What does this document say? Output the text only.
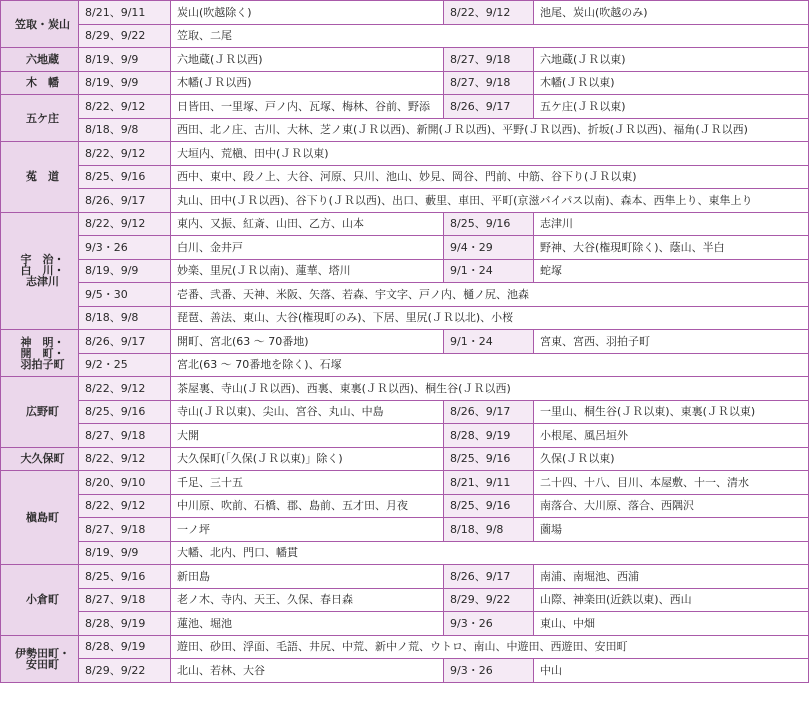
笠取・炭山	8/21、9/11	炭山(吹越除く)	8/22、9/12	池尾、炭山(吹越のみ)
	8/29、9/22	笠取、二尾		
六地蔵	8/19、9/9	六地蔵(ＪＲ以西)	8/27、9/18	六地蔵(ＪＲ以東)
木　幡	8/19、9/9	木幡(ＪＲ以西)	8/27、9/18	木幡(ＪＲ以東)
五ケ庄	8/22、9/12	日皆田、一里塚、戸ノ内、瓦塚、梅林、谷前、野添	8/26、9/17	五ケ庄(ＪＲ以東)
	8/18、9/8	西田、北ノ庄、古川、大林、芝ノ東(ＪＲ以西)、新開(ＪＲ以西)、平野(ＪＲ以西)、折坂(ＪＲ以西)、福角(ＪＲ以西)		
菟　道	8/22、9/12	大垣内、荒槇、田中(ＪＲ以東)		
	8/25、9/16	西中、東中、段ノ上、大谷、河原、只川、池山、妙見、岡谷、門前、中筋、谷下り(ＪＲ以東)		
	8/26、9/17	丸山、田中(ＪＲ以西)、谷下り(ＪＲ以西)、出口、藪里、車田、平町(京滋バイパス以南)、森本、西隼上り、東隼上り		
宇　治・
白　川・
志津川	8/22、9/12	東内、又振、紅斎、山田、乙方、山本	8/25、9/16	志津川
	9/3・26	白川、金井戸	9/4・29	野神、大谷(権現町除く)、蔭山、半白
	8/19、9/9	妙楽、里尻(ＪＲ以南)、蓮華、塔川	9/1・24	蛇塚
	9/5・30	壱番、弐番、天神、米阪、矢落、若森、宇文字、戸ノ内、樋ノ尻、池森		
	8/18、9/8	琵琶、善法、東山、大谷(権現町のみ)、下居、里尻(ＪＲ以北)、小桜		
神　明・
開　町・
羽拍子町	8/26、9/17	開町、宮北(63 ～ 70番地)	9/1・24	宮東、宮西、羽拍子町
	9/2・25	宮北(63 ～ 70番地を除く)、石塚		
広野町	8/22、9/12	茶屋裏、寺山(ＪＲ以西)、西裏、東裏(ＪＲ以西)、桐生谷(ＪＲ以西)		
	8/25、9/16	寺山(ＪＲ以東)、尖山、宮谷、丸山、中島	8/26、9/17	一里山、桐生谷(ＪＲ以東)、東裏(ＪＲ以東)
	8/27、9/18	大開	8/28、9/19	小根尾、風呂垣外
大久保町	8/22、9/12	大久保町(「久保(ＪＲ以東)」除く)	8/25、9/16	久保(ＪＲ以東)
槇島町	8/20、9/10	千足、三十五	8/21、9/11	二十四、十八、目川、本屋敷、十一、清水
	8/22、9/12	中川原、吹前、石橋、郡、島前、五才田、月夜	8/25、9/16	南落合、大川原、落合、西隅沢
	8/27、9/18	一ノ坪	8/18、9/8	薗場
	8/19、9/9	大幡、北内、門口、幡貫		
小倉町	8/25、9/16	新田島	8/26、9/17	南浦、南堀池、西浦
	8/27、9/18	老ノ木、寺内、天王、久保、春日森	8/29、9/22	山際、神楽田(近鉄以東)、西山
	8/28、9/19	蓮池、堀池	9/3・26	東山、中畑
伊勢田町・
安田町	8/28、9/19	遊田、砂田、浮面、毛語、井尻、中荒、新中ノ荒、ウトロ、南山、中遊田、西遊田、安田町		
	8/29、9/22	北山、若林、大谷	9/3・26	中山
